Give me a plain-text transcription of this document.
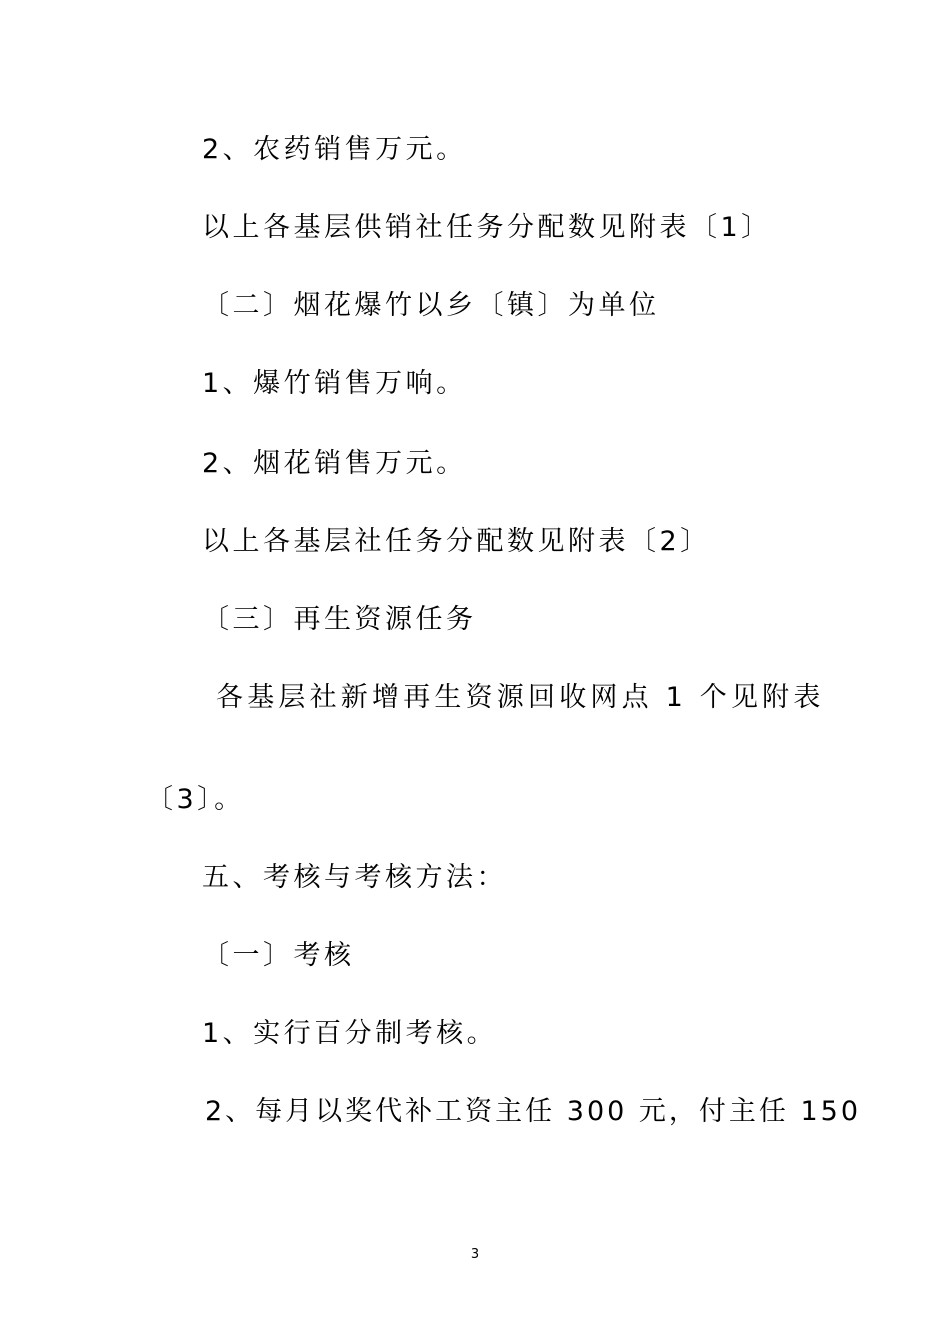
2、农药销售万元。

以上各基层供销社任务分配数见附表〔1〕

〔二〕烟花爆竹以乡〔镇〕为单位

1、爆竹销售万响。

2、烟花销售万元。

以上各基层社任务分配数见附表〔2〕

〔三〕再生资源任务

各基层社新增再生资源回收网点 1 个见附表

〔3〕。

五、考核与考核方法：

〔一〕考核

1、实行百分制考核。

2、每月以奖代补工资主任 300 元，付主任 150

3
